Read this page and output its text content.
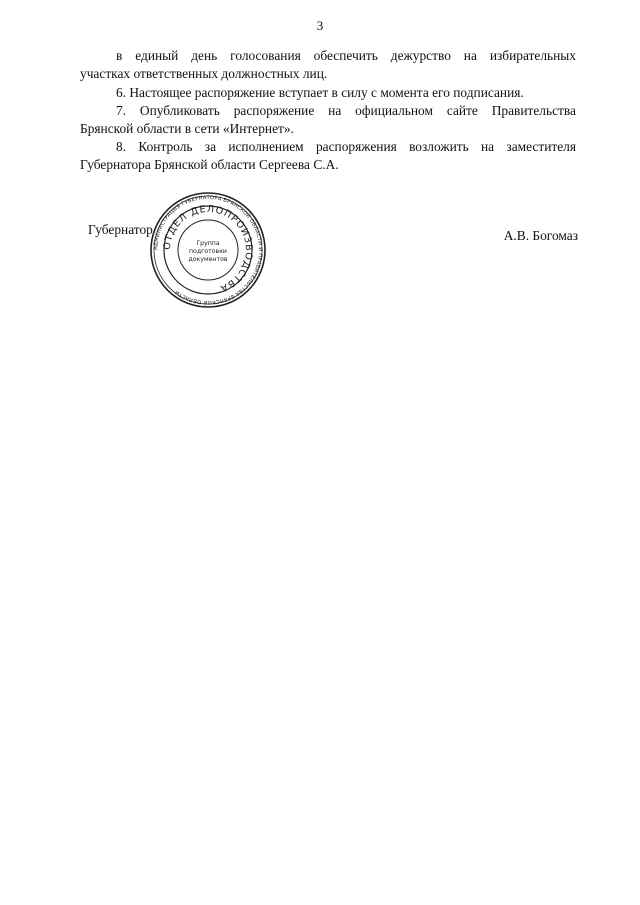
3
в единый день голосования обеспечить дежурство на избирательных
участках ответственных должностных лиц.
6. Настоящее распоряжение вступает в силу с момента его подписания.
7. Опубликовать распоряжение на официальном сайте Правительства
Брянской области в сети «Интернет».
8. Контроль за исполнением распоряжения возложить на заместителя
Губернатора Брянской области Сергеева С.А.
Губернатор	А.В. Богомаз
АДМИНИСТРАЦИЯ ГУБЕРНАТОРА БРЯНСКОЙ ОБЛАСТИ И ПРАВИТЕЛЬСТВА БРЯНСКОЙ ОБЛАСТИ
ОТДЕЛ ДЕЛОПРОИЗВОДСТВА
Группа
подготовки
документов
